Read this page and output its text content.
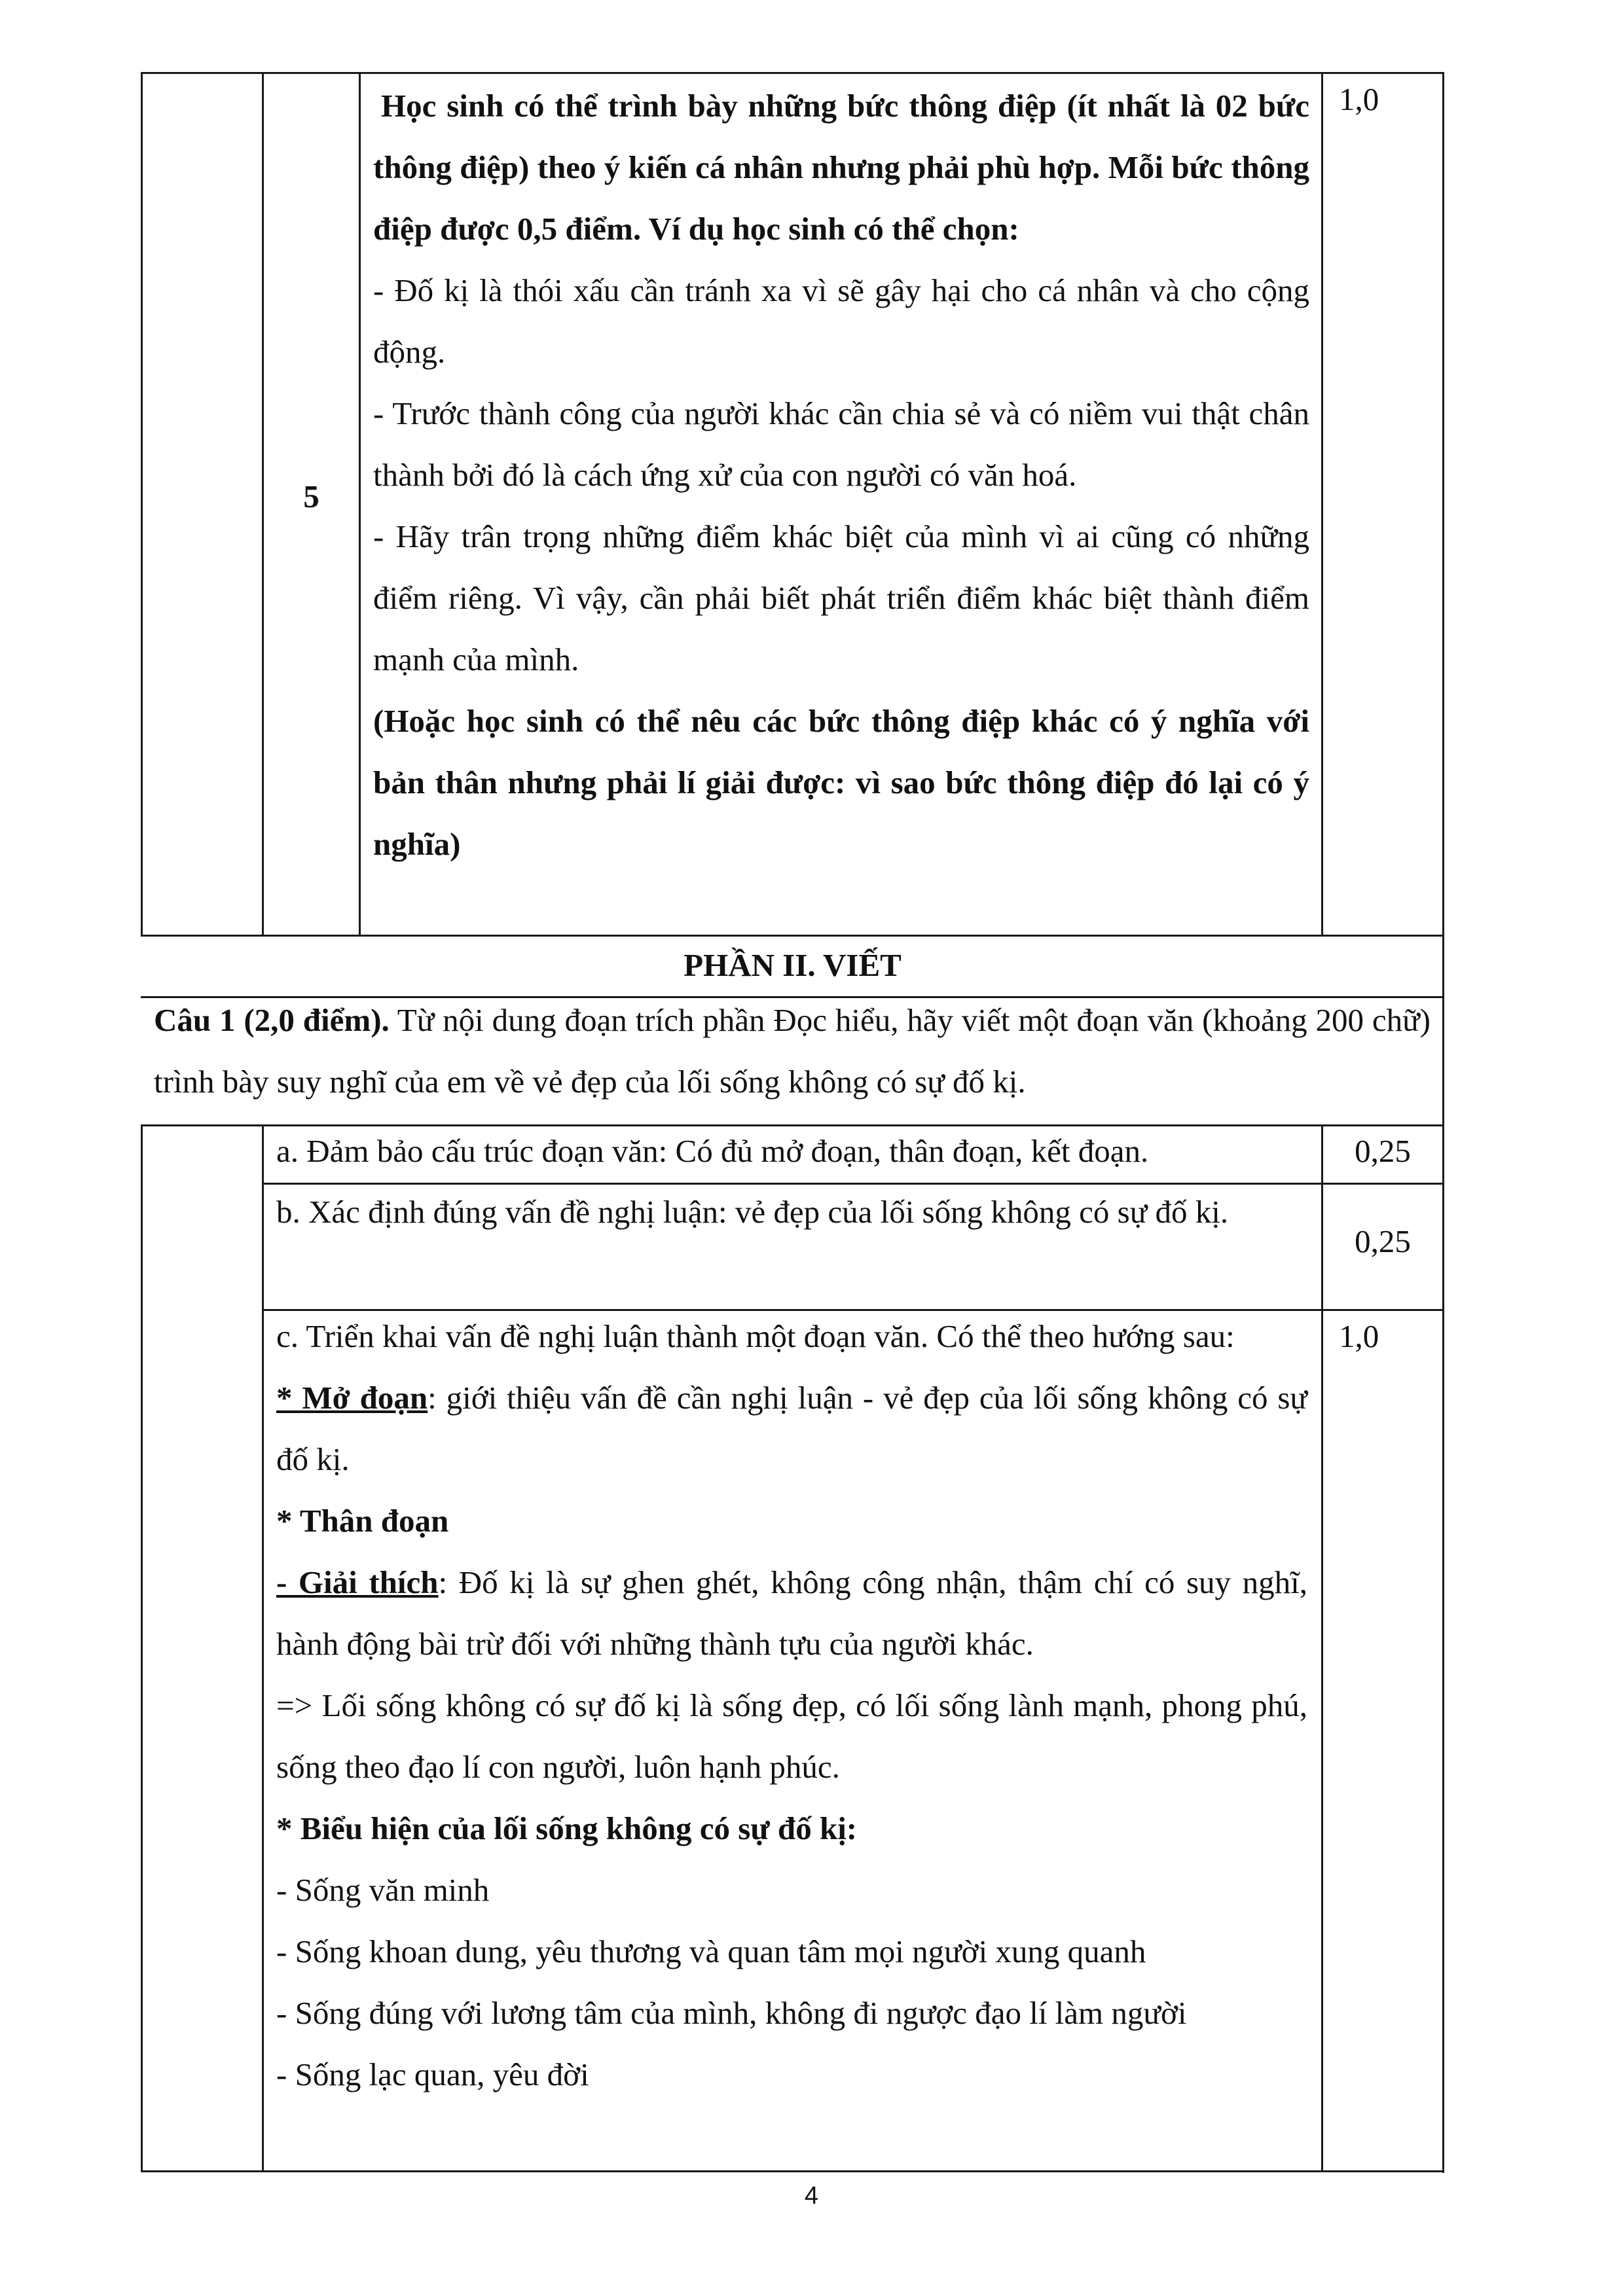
5

Học sinh có thể trình bày những bức thông điệp (ít nhất là 02 bức thông điệp) theo ý kiến cá nhân nhưng phải phù hợp. Mỗi bức thông điệp được 0,5 điểm. Ví dụ học sinh có thể chọn:

- Đố kị là thói xấu cần tránh xa vì sẽ gây hại cho cá nhân và cho cộng động.

- Trước thành công của người khác cần chia sẻ và có niềm vui thật chân thành bởi đó là cách ứng xử của con người có văn hoá.

- Hãy trân trọng những điểm khác biệt của mình vì ai cũng có những điểm riêng. Vì vậy, cần phải biết phát triển điểm khác biệt thành điểm mạnh của mình.

(Hoặc học sinh có thể nêu các bức thông điệp khác có ý nghĩa với bản thân nhưng phải lí giải được: vì sao bức thông điệp đó lại có ý nghĩa)

1,0
PHẦN II. VIẾT
Câu 1 (2,0 điểm). Từ nội dung đoạn trích phần Đọc hiểu, hãy viết một đoạn văn (khoảng 200 chữ) trình bày suy nghĩ của em về vẻ đẹp của lối sống không có sự đố kị.
a. Đảm bảo cấu trúc đoạn văn: Có đủ mở đoạn, thân đoạn, kết đoạn.	0,25
b. Xác định đúng vấn đề nghị luận: vẻ đẹp của lối sống không có sự đố kị.
0,25

c. Triển khai vấn đề nghị luận thành một đoạn văn. Có thể theo hướng sau:

* Mở đoạn: giới thiệu vấn đề cần nghị luận - vẻ đẹp của lối sống không có sự đố kị.

* Thân đoạn

- Giải thích: Đố kị là sự ghen ghét, không công nhận, thậm chí có suy nghĩ, hành động bài trừ đối với những thành tựu của người khác.

=> Lối sống không có sự đố kị là sống đẹp, có lối sống lành mạnh, phong phú, sống theo đạo lí con người, luôn hạnh phúc.

* Biểu hiện của lối sống không có sự đố kị:

- Sống văn minh

- Sống khoan dung, yêu thương và quan tâm mọi người xung quanh

- Sống đúng với lương tâm của mình, không đi ngược đạo lí làm người

- Sống lạc quan, yêu đời

1,0
4
